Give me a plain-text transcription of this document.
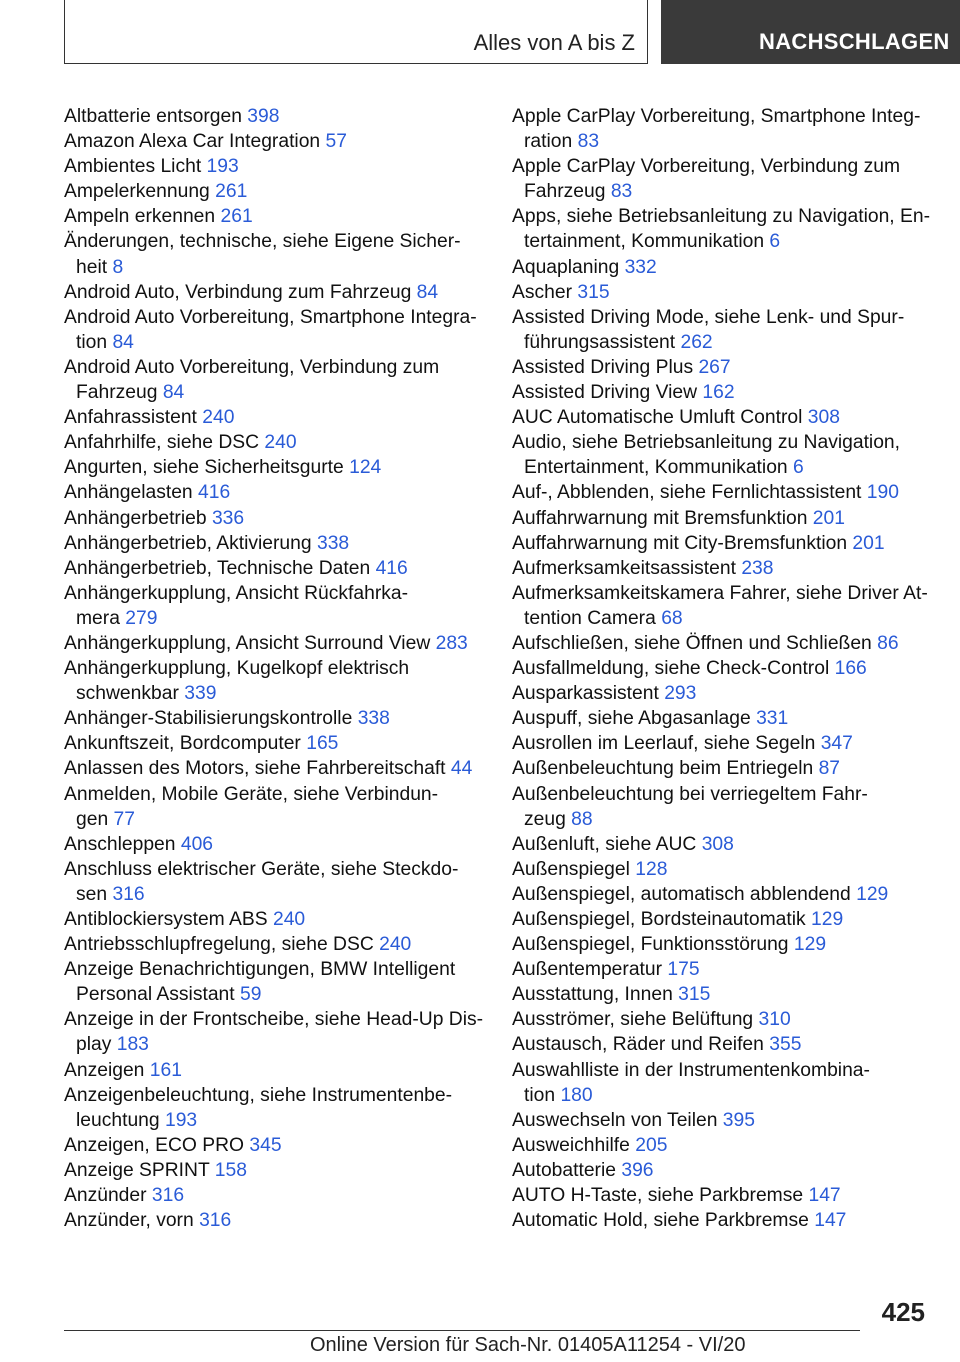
Alles von A bis Z	NACHSCHLAGEN

Altbatterie entsorgen 398

Amazon Alexa Car Integration 57

Ambientes Licht 193

Ampelerkennung 261

Ampeln erkennen 261

Änderungen, technische, siehe Eigene Sicher-
heit 8

Android Auto, Verbindung zum Fahrzeug 84

Android Auto Vorbereitung, Smartphone Integra-
tion 84

Android Auto Vorbereitung, Verbindung zum
Fahrzeug 84

Anfahrassistent 240

Anfahrhilfe, siehe DSC 240

Angurten, siehe Sicherheitsgurte 124

Anhängelasten 416

Anhängerbetrieb 336

Anhängerbetrieb, Aktivierung 338

Anhängerbetrieb, Technische Daten 416

Anhängerkupplung, Ansicht Rückfahrka-
mera 279

Anhängerkupplung, Ansicht Surround View 283

Anhängerkupplung, Kugelkopf elektrisch
schwenkbar 339

Anhänger-Stabilisierungskontrolle 338

Ankunftszeit, Bordcomputer 165

Anlassen des Motors, siehe Fahrbereitschaft 44

Anmelden, Mobile Geräte, siehe Verbindun-
gen 77

Anschleppen 406

Anschluss elektrischer Geräte, siehe Steckdo-
sen 316

Antiblockiersystem ABS 240

Antriebsschlupfregelung, siehe DSC 240

Anzeige Benachrichtigungen, BMW Intelligent
Personal Assistant 59

Anzeige in der Frontscheibe, siehe Head-Up Dis-
play 183

Anzeigen 161

Anzeigenbeleuchtung, siehe Instrumentenbe-
leuchtung 193

Anzeigen, ECO PRO 345

Anzeige SPRINT 158

Anzünder 316

Anzünder, vorn 316

Apple CarPlay Vorbereitung, Smartphone Integ-
ration 83

Apple CarPlay Vorbereitung, Verbindung zum
Fahrzeug 83

Apps, siehe Betriebsanleitung zu Navigation, En-
tertainment, Kommunikation 6

Aquaplaning 332

Ascher 315

Assisted Driving Mode, siehe Lenk- und Spur-
führungsassistent 262

Assisted Driving Plus 267

Assisted Driving View 162

AUC Automatische Umluft Control 308

Audio, siehe Betriebsanleitung zu Navigation,
Entertainment, Kommunikation 6

Auf-, Abblenden, siehe Fernlichtassistent 190

Auffahrwarnung mit Bremsfunktion 201

Auffahrwarnung mit City-Bremsfunktion 201

Aufmerksamkeitsassistent 238

Aufmerksamkeitskamera Fahrer, siehe Driver At-
tention Camera 68

Aufschließen, siehe Öffnen und Schließen 86

Ausfallmeldung, siehe Check-Control 166

Ausparkassistent 293

Auspuff, siehe Abgasanlage 331

Ausrollen im Leerlauf, siehe Segeln 347

Außenbeleuchtung beim Entriegeln 87

Außenbeleuchtung bei verriegeltem Fahr-
zeug 88

Außenluft, siehe AUC 308

Außenspiegel 128

Außenspiegel, automatisch abblendend 129

Außenspiegel, Bordsteinautomatik 129

Außenspiegel, Funktionsstörung 129

Außentemperatur 175

Ausstattung, Innen 315

Ausströmer, siehe Belüftung 310

Austausch, Räder und Reifen 355

Auswahlliste in der Instrumentenkombina-
tion 180

Auswechseln von Teilen 395

Ausweichhilfe 205

Autobatterie 396

AUTO H-Taste, siehe Parkbremse 147

Automatic Hold, siehe Parkbremse 147

425
Online Version für Sach-Nr. 01405A11254 - VI/20
